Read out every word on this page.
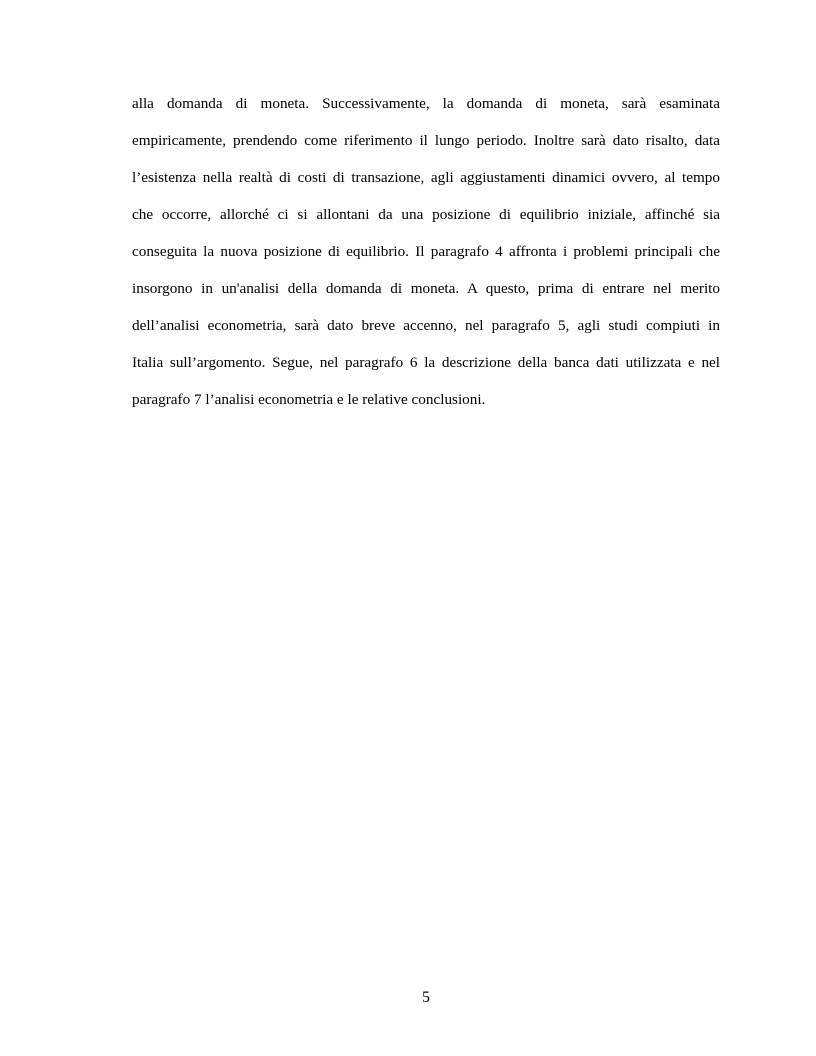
alla domanda di moneta. Successivamente, la domanda di moneta, sarà esaminata
empiricamente, prendendo come riferimento il lungo periodo. Inoltre sarà dato risalto, data
l’esistenza nella realtà di costi di transazione, agli aggiustamenti dinamici ovvero, al tempo
che occorre, allorché ci si allontani da una posizione di equilibrio iniziale, affinché sia
conseguita la nuova posizione di equilibrio. Il paragrafo 4 affronta i problemi principali che
insorgono in un'analisi della domanda di moneta. A questo, prima di entrare nel merito
dell’analisi econometria, sarà dato breve accenno, nel paragrafo 5, agli studi compiuti in
Italia sull’argomento. Segue, nel paragrafo 6 la descrizione della banca dati utilizzata e nel
paragrafo 7 l’analisi econometria e le relative conclusioni.
5
